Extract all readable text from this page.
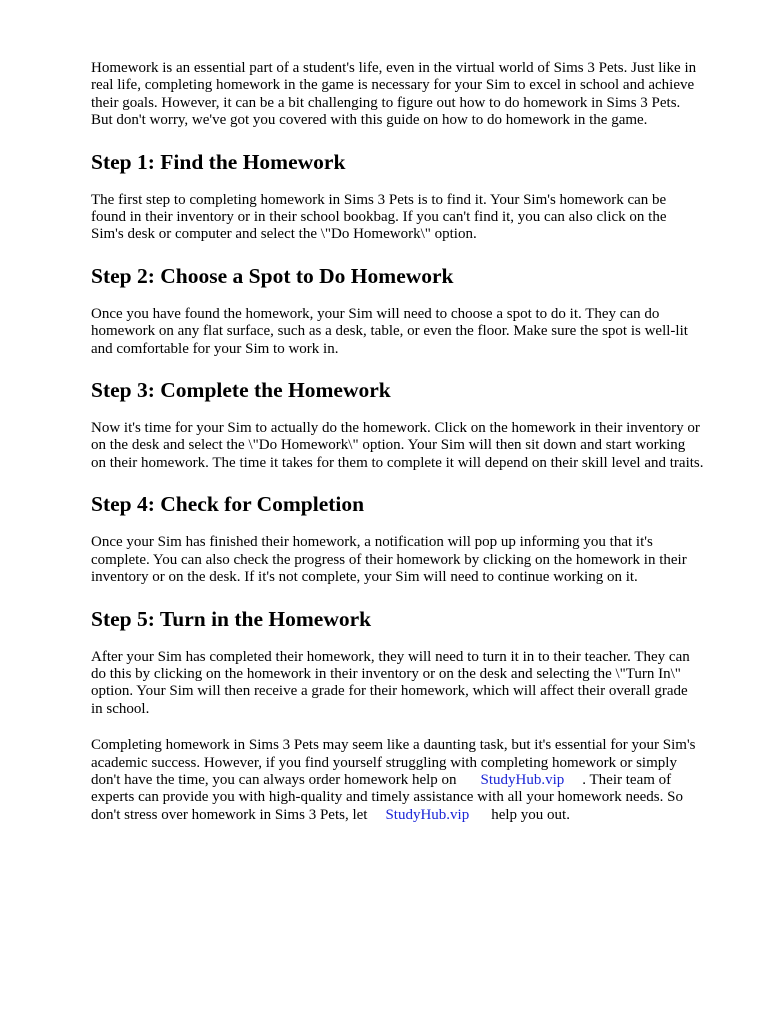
Homework is an essential part of a student's life, even in the virtual world of Sims 3 Pets. Just like in
real life, completing homework in the game is necessary for your Sim to excel in school and achieve
their goals. However, it can be a bit challenging to figure out how to do homework in Sims 3 Pets.
But don't worry, we've got you covered with this guide on how to do homework in the game.

Step 1: Find the Homework

The first step to completing homework in Sims 3 Pets is to find it. Your Sim's homework can be
found in their inventory or in their school bookbag. If you can't find it, you can also click on the
Sim's desk or computer and select the \"Do Homework\" option.

Step 2: Choose a Spot to Do Homework

Once you have found the homework, your Sim will need to choose a spot to do it. They can do
homework on any flat surface, such as a desk, table, or even the floor. Make sure the spot is well-lit
and comfortable for your Sim to work in.

Step 3: Complete the Homework

Now it's time for your Sim to actually do the homework. Click on the homework in their inventory or
on the desk and select the \"Do Homework\" option. Your Sim will then sit down and start working
on their homework. The time it takes for them to complete it will depend on their skill level and traits.

Step 4: Check for Completion

Once your Sim has finished their homework, a notification will pop up informing you that it's
complete. You can also check the progress of their homework by clicking on the homework in their
inventory or on the desk. If it's not complete, your Sim will need to continue working on it.

Step 5: Turn in the Homework

After your Sim has completed their homework, they will need to turn it in to their teacher. They can
do this by clicking on the homework in their inventory or on the desk and selecting the \"Turn In\"
option. Your Sim will then receive a grade for their homework, which will affect their overall grade
in school.

Completing homework in Sims 3 Pets may seem like a daunting task, but it's essential for your Sim's
academic success. However, if you find yourself struggling with completing homework or simply
don't have the time, you can always order homework help on StudyHub.vip . Their team of
experts can provide you with high-quality and timely assistance with all your homework needs. So
don't stress over homework in Sims 3 Pets, let StudyHub.vip help you out.
